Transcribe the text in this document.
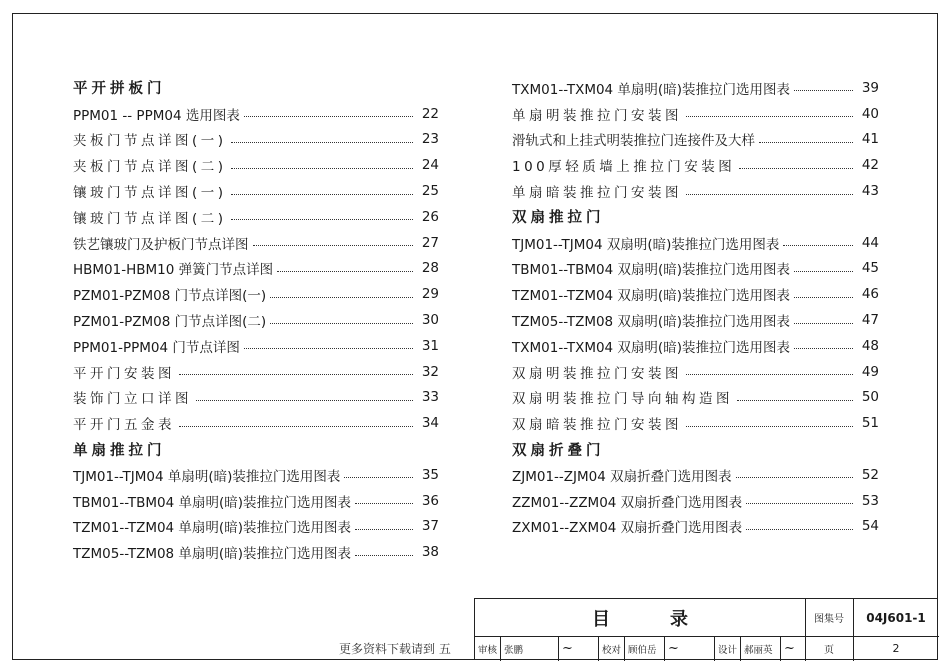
平开拼板门
PPM01 -- PPM04 选用图表	22
夹板门节点详图(一)	23
夹板门节点详图(二)	24
镶玻门节点详图(一)	25
镶玻门节点详图(二)	26
铁艺镶玻门及护板门节点详图	27
HBM01-HBM10 弹簧门节点详图	28
PZM01-PZM08 门节点详图(一)	29
PZM01-PZM08 门节点详图(二)	30
PPM01-PPM04 门节点详图	31
平开门安装图	32
装饰门立口详图	33
平开门五金表	34
单扇推拉门
TJM01--TJM04 单扇明(暗)装推拉门选用图表	35
TBM01--TBM04 单扇明(暗)装推拉门选用图表	36
TZM01--TZM04 单扇明(暗)装推拉门选用图表	37
TZM05--TZM08 单扇明(暗)装推拉门选用图表	38
TXM01--TXM04 单扇明(暗)装推拉门选用图表	39
单扇明装推拉门安装图	40
滑轨式和上挂式明装推拉门连接件及大样	41
100厚轻质墙上推拉门安装图	42
单扇暗装推拉门安装图	43
双扇推拉门
TJM01--TJM04 双扇明(暗)装推拉门选用图表	44
TBM01--TBM04 双扇明(暗)装推拉门选用图表	45
TZM01--TZM04 双扇明(暗)装推拉门选用图表	46
TZM05--TZM08 双扇明(暗)装推拉门选用图表	47
TXM01--TXM04 双扇明(暗)装推拉门选用图表	48
双扇明装推拉门安装图	49
双扇明装推拉门导向轴构造图	50
双扇暗装推拉门安装图	51
双扇折叠门
ZJM01--ZJM04 双扇折叠门选用图表	52
ZZM01--ZZM04 双扇折叠门选用图表	53
ZXM01--ZXM04 双扇折叠门选用图表	54
目	录	图集号	04J601-1
审核 张鹏	~	校对 顾伯岳 ~	设计 郝丽英 ~	页	2
更多资料下载请到 五
